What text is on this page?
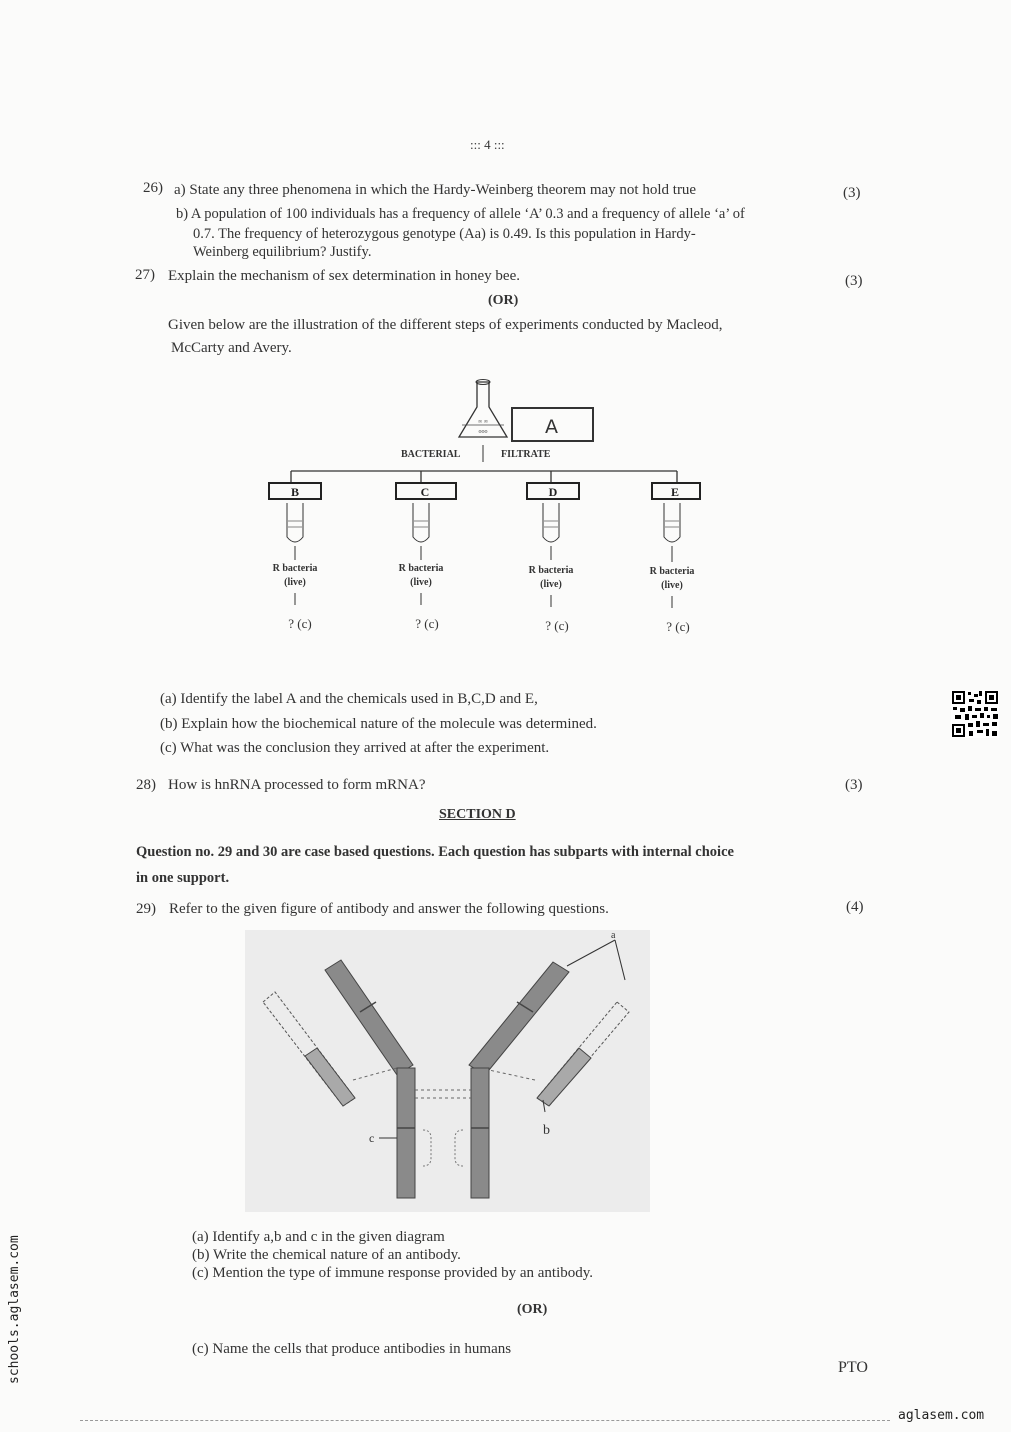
::: 4 :::
26) a) State any three phenomena in which the Hardy-Weinberg theorem may not hold true	(3)
b) A population of 100 individuals has a frequency of allele ‘A’ 0.3 and a frequency of allele ‘a’ of
0.7. The frequency of heterozygous genotype (Aa) is 0.49. Is this population in Hardy-
Weinberg equilibrium? Justify.
27) Explain the mechanism of sex determination in honey bee.	(3)
(OR)
Given below are the illustration of the different steps of experiments conducted by Macleod,
McCarty and Avery.
∞ ∞
ooo	A
BACTERIAL	FILTRATE
B
R bacteria
(live)
? (c)
C
R bacteria
(live)
? (c)
D
R bacteria
(live)
? (c)
E
R bacteria
(live)
? (c)
(a) Identify the label A and the chemicals used in B,C,D and E,
(b) Explain how the biochemical nature of the molecule was determined.
(c) What was the conclusion they arrived at after the experiment.
28) How is hnRNA processed to form mRNA?	(3)
SECTION D
Question no. 29 and 30 are case based questions. Each question has subparts with internal choice
in one support.
29) Refer to the given figure of antibody and answer the following questions.	(4)
a
b
c
(a) Identify a,b and c in the given diagram
(b) Write the chemical nature of an antibody.
(c) Mention the type of immune response provided by an antibody.
(OR)
(c) Name the cells that produce antibodies in humans
PTO
schools.aglasem.com
aglasem.com
